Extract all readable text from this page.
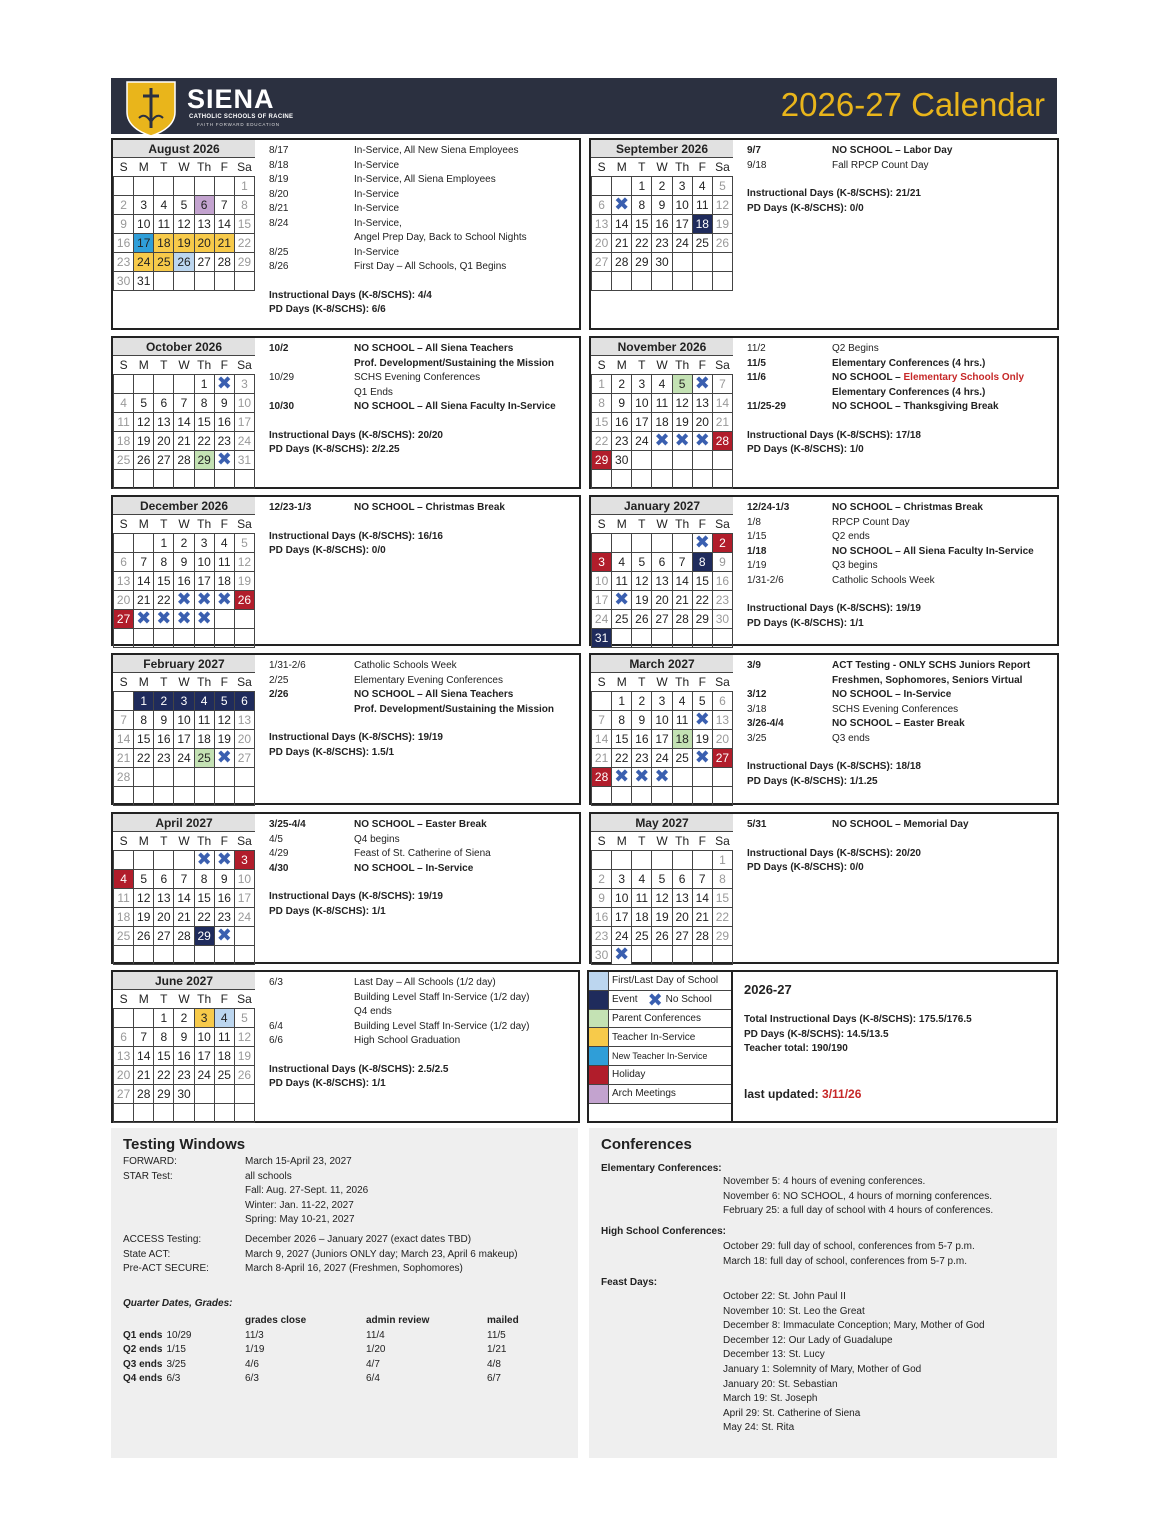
SIENA
CATHOLIC SCHOOLS OF RACINE
FAITH FORWARD EDUCATION
2026-27 Calendar
August 2026
S	M	T	W	Th	F	Sa
						1
2	3	4	5	6	7	8
9	10	11	12	13	14	15
16	17	18	19	20	21	22
23	24	25	26	27	28	29
30	31					
8/17	In-Service, All New Siena Employees
8/18	In-Service
8/19	In-Service, All Siena Employees
8/20	In-Service
8/21	In-Service
8/24	In-Service,
Angel Prep Day, Back to School Nights
8/25	In-Service
8/26	First Day – All Schools, Q1 Begins
Instructional Days (K-8/SCHS): 4/4
PD Days (K-8/SCHS): 6/6
September 2026
S	M	T	W	Th	F	Sa
		1	2	3	4	5
6		8	9	10	11	12
13	14	15	16	17	18	19
20	21	22	23	24	25	26
27	28	29	30			

9/7	NO SCHOOL – Labor Day
9/18	Fall RPCP Count Day
Instructional Days (K-8/SCHS): 21/21
PD Days (K-8/SCHS): 0/0
October 2026
S	M	T	W	Th	F	Sa
				1		3
4	5	6	7	8	9	10
11	12	13	14	15	16	17
18	19	20	21	22	23	24
25	26	27	28	29		31

10/2	NO SCHOOL – All Siena Teachers
Prof. Development/Sustaining the Mission
10/29	SCHS Evening Conferences
Q1 Ends
10/30	NO SCHOOL – All Siena Faculty In-Service
Instructional Days (K-8/SCHS): 20/20
PD Days (K-8/SCHS): 2/2.25
November 2026
S	M	T	W	Th	F	Sa
1	2	3	4	5		7
8	9	10	11	12	13	14
15	16	17	18	19	20	21
22	23	24				28
29	30					

11/2	Q2 Begins
11/5	Elementary Conferences (4 hrs.)
11/6	NO SCHOOL – Elementary Schools Only
Elementary Conferences (4 hrs.)
11/25-29	NO SCHOOL – Thanksgiving Break
Instructional Days (K-8/SCHS): 17/18
PD Days (K-8/SCHS): 1/0
December 2026
S	M	T	W	Th	F	Sa
		1	2	3	4	5
6	7	8	9	10	11	12
13	14	15	16	17	18	19
20	21	22				26
27						

12/23-1/3	NO SCHOOL – Christmas Break
Instructional Days (K-8/SCHS): 16/16
PD Days (K-8/SCHS): 0/0
January 2027
S	M	T	W	Th	F	Sa
						2
3	4	5	6	7	8	9
10	11	12	13	14	15	16
17		19	20	21	22	23
24	25	26	27	28	29	30
31						
12/24-1/3	NO SCHOOL – Christmas Break
1/8	RPCP Count Day
1/15	Q2 ends
1/18	NO SCHOOL – All Siena Faculty In-Service
1/19	Q3 begins
1/31-2/6	Catholic Schools Week
Instructional Days (K-8/SCHS): 19/19
PD Days (K-8/SCHS): 1/1
February 2027
S	M	T	W	Th	F	Sa
	1	2	3	4	5	6
7	8	9	10	11	12	13
14	15	16	17	18	19	20
21	22	23	24	25		27
28						

1/31-2/6	Catholic Schools Week
2/25	Elementary Evening Conferences
2/26	NO SCHOOL – All Siena Teachers
Prof. Development/Sustaining the Mission
Instructional Days (K-8/SCHS): 19/19
PD Days (K-8/SCHS): 1.5/1
March 2027
S	M	T	W	Th	F	Sa
	1	2	3	4	5	6
7	8	9	10	11		13
14	15	16	17	18	19	20
21	22	23	24	25		27
28						

3/9	ACT Testing - ONLY SCHS Juniors Report
Freshmen, Sophomores, Seniors Virtual
3/12	NO SCHOOL – In-Service
3/18	SCHS Evening Conferences
3/26-4/4	NO SCHOOL – Easter Break
3/25	Q3 ends
Instructional Days (K-8/SCHS): 18/18
PD Days (K-8/SCHS): 1/1.25
April 2027
S	M	T	W	Th	F	Sa
						3
4	5	6	7	8	9	10
11	12	13	14	15	16	17
18	19	20	21	22	23	24
25	26	27	28	29		

3/25-4/4	NO SCHOOL – Easter Break
4/5	Q4 begins
4/29	Feast of St. Catherine of Siena
4/30	NO SCHOOL – In-Service
Instructional Days (K-8/SCHS): 19/19
PD Days (K-8/SCHS): 1/1
May 2027
S	M	T	W	Th	F	Sa
						1
2	3	4	5	6	7	8
9	10	11	12	13	14	15
16	17	18	19	20	21	22
23	24	25	26	27	28	29
30						
5/31	NO SCHOOL – Memorial Day
Instructional Days (K-8/SCHS): 20/20
PD Days (K-8/SCHS): 0/0
June 2027
S	M	T	W	Th	F	Sa
		1	2	3	4	5
6	7	8	9	10	11	12
13	14	15	16	17	18	19
20	21	22	23	24	25	26
27	28	29	30			

6/3	Last Day – All Schools (1/2 day)
Building Level Staff In-Service (1/2 day)
Q4 ends
6/4	Building Level Staff In-Service (1/2 day)
6/6	High School Graduation
Instructional Days (K-8/SCHS): 2.5/2.5
PD Days (K-8/SCHS): 1/1
First/Last Day of School
Event ✖ No School
Parent Conferences
Teacher In-Service
New Teacher In-Service
Holiday
Arch Meetings
2026-27
Total Instructional Days (K-8/SCHS): 175.5/176.5
PD Days (K-8/SCHS): 14.5/13.5
Teacher total: 190/190
last updated: 3/11/26
Testing Windows
FORWARD:	March 15-April 23, 2027
STAR Test:	all schools
Fall: Aug. 27-Sept. 11, 2026
Winter: Jan. 11-22, 2027
Spring: May 10-21, 2027
ACCESS Testing:	December 2026 – January 2027 (exact dates TBD)
State ACT:	March 9, 2027 (Juniors ONLY day; March 23, April 6 makeup)
Pre-ACT SECURE:	March 8-April 16, 2027 (Freshmen, Sophomores)
Quarter Dates, Grades:
grades close	admin review	mailed
Q1 ends 10/29	11/3	11/4	11/5
Q2 ends 1/15	1/19	1/20	1/21
Q3 ends 3/25	4/6	4/7	4/8
Q4 ends 6/3	6/3	6/4	6/7
Conferences
Elementary Conferences:
November 5: 4 hours of evening conferences.
November 6: NO SCHOOL, 4 hours of morning conferences.
February 25: a full day of school with 4 hours of conferences.
High School Conferences:
October 29: full day of school, conferences from 5-7 p.m.
March 18: full day of school, conferences from 5-7 p.m.
Feast Days:
October 22: St. John Paul II
November 10: St. Leo the Great
December 8: Immaculate Conception; Mary, Mother of God
December 12: Our Lady of Guadalupe
December 13: St. Lucy
January 1: Solemnity of Mary, Mother of God
January 20: St. Sebastian
March 19: St. Joseph
April 29: St. Catherine of Siena
May 24: St. Rita
